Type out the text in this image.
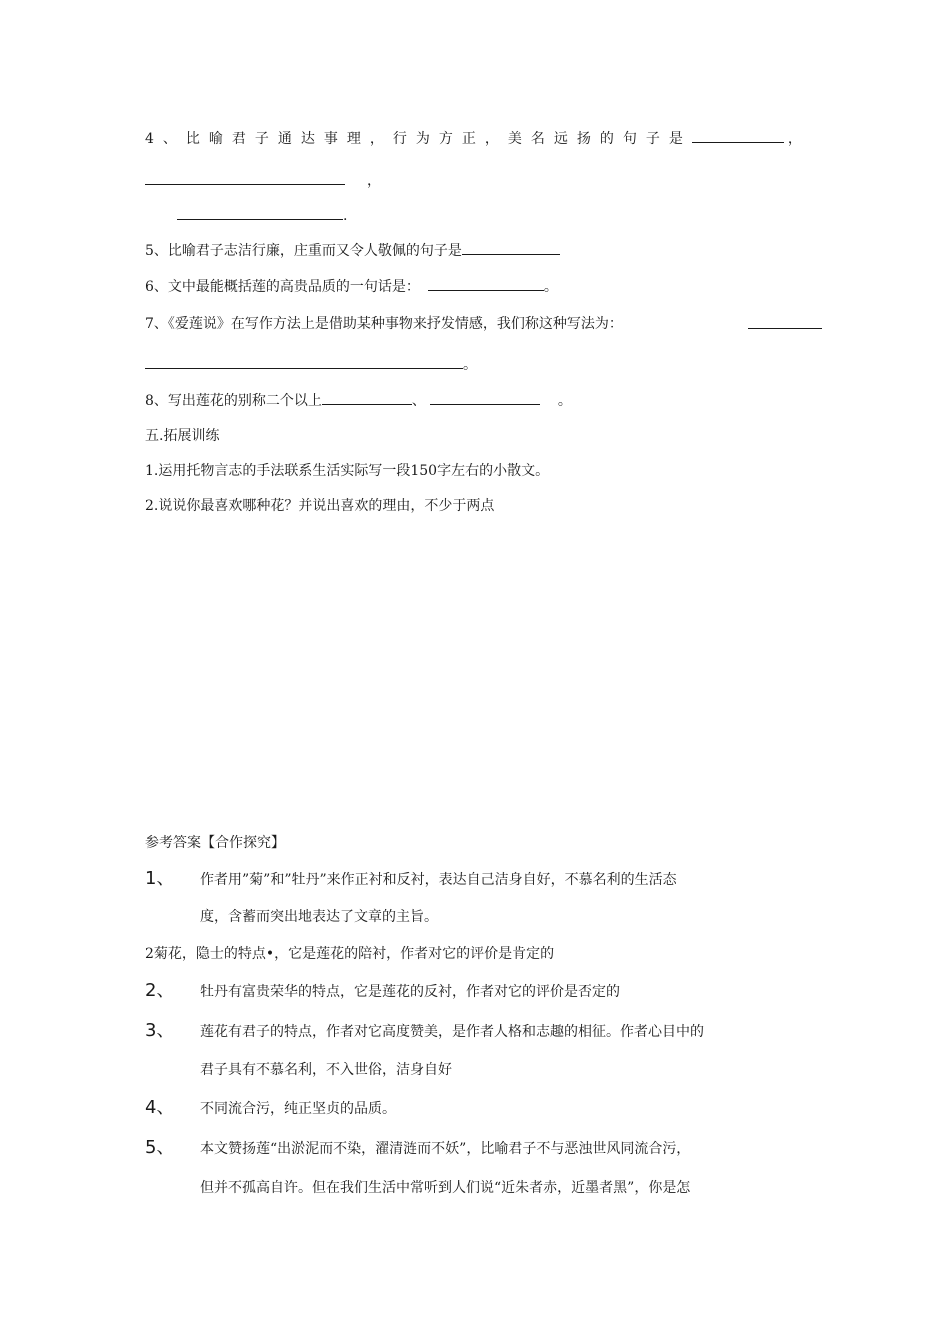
4、比喻君子通达事理，行为方正，美名远扬的句子是	，
，
.
5、比喻君子志洁行廉，庄重而又令人敬佩的句子是
6、文中最能概括莲的高贵品质的一句话是：	。
7、《爱莲说》在写作方法上是借助某种事物来抒发情感，我们称这种写法为：
。
8、写出莲花的别称二个以上	、	。
五.拓展训练
1.运用托物言志的手法联系生活实际写一段150字左右的小散文。
2.说说你最喜欢哪种花？并说出喜欢的理由，不少于两点
参考答案【合作探究】
1、 作者用”菊”和”牡丹”来作正衬和反衬，表达自己洁身自好，不慕名利的生活态
度，含蓄而突出地表达了文章的主旨。
2菊花，隐士的特点•，它是莲花的陪衬，作者对它的评价是肯定的
2、 牡丹有富贵荣华的特点，它是莲花的反衬，作者对它的评价是否定的
3、 莲花有君子的特点，作者对它高度赞美，是作者人格和志趣的相征。作者心目中的
君子具有不慕名利，不入世俗，洁身自好
4、 不同流合污，纯正坚贞的品质。
5、 本文赞扬莲“出淤泥而不染，濯清涟而不妖”，比喻君子不与恶浊世风同流合污，
但并不孤高自许。但在我们生活中常听到人们说“近朱者赤，近墨者黑”，你是怎
